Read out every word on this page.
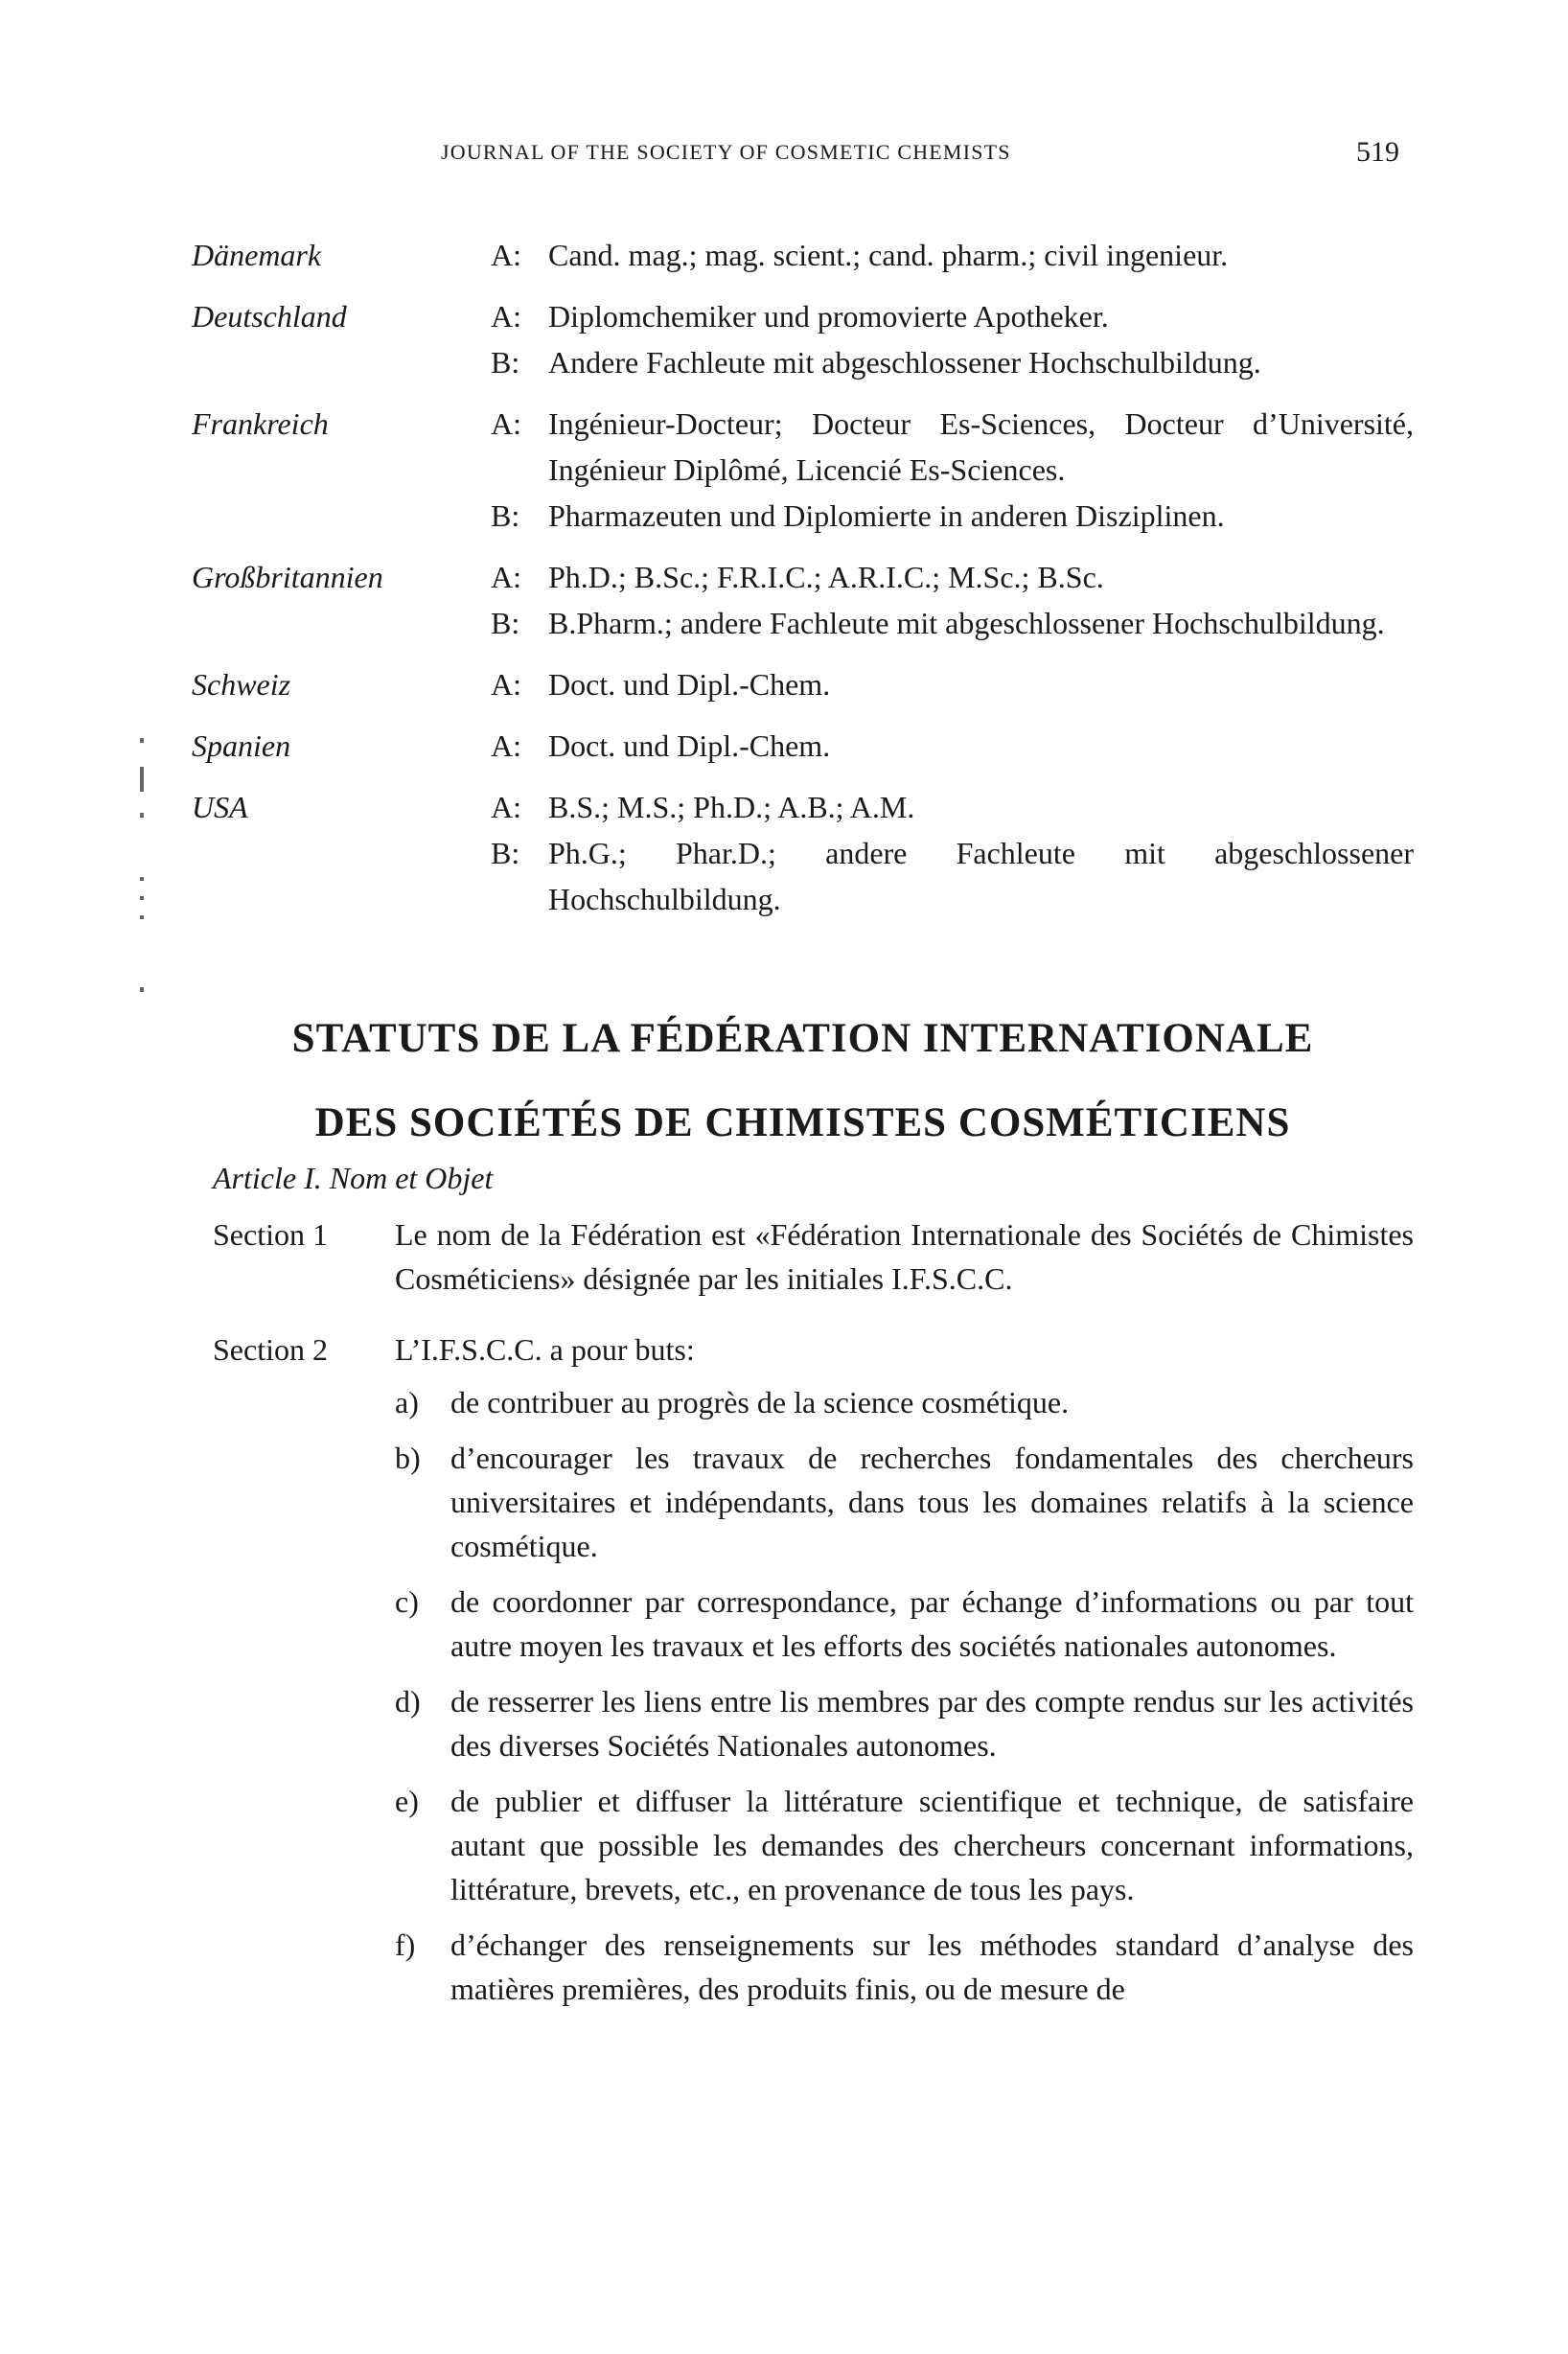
JOURNAL OF THE SOCIETY OF COSMETIC CHEMISTS	519
Dänemark	A: Cand. mag.; mag. scient.; cand. pharm.; civil ingenieur.
Deutschland	A: Diplomchemiker und promovierte Apotheker.
B: Andere Fachleute mit abgeschlossener Hochschulbildung.
Frankreich	A: Ingénieur-Docteur; Docteur Es-Sciences, Docteur d’Université, Ingénieur Diplômé, Licencié Es-Sciences.
B: Pharmazeuten und Diplomierte in anderen Disziplinen.
Großbritannien	A: Ph.D.; B.Sc.; F.R.I.C.; A.R.I.C.; M.Sc.; B.Sc.
B: B.Pharm.; andere Fachleute mit abgeschlossener Hochschulbildung.
Schweiz	A: Doct. und Dipl.-Chem.
Spanien	A: Doct. und Dipl.-Chem.
USA	A: B.S.; M.S.; Ph.D.; A.B.; A.M.
B: Ph.G.; Phar.D.; andere Fachleute mit abgeschlossener Hochschulbildung.
STATUTS DE LA FÉDÉRATION INTERNATIONALE
DES SOCIÉTÉS DE CHIMISTES COSMÉTICIENS
Article I. Nom et Objet
Section 1	Le nom de la Fédération est «Fédération Internationale des Sociétés de Chimistes Cosméticiens» désignée par les initiales I.F.S.C.C.
Section 2	L’I.F.S.C.C. a pour buts:
a)	de contribuer au progrès de la science cosmétique.
b) d’encourager les travaux de recherches fondamentales des chercheurs universitaires et indépendants, dans tous les domaines relatifs à la science cosmétique.
c)	de coordonner par correspondance, par échange d’informations ou par tout autre moyen les travaux et les efforts des sociétés nationales autonomes.
d) de resserrer les liens entre lis membres par des compte rendus sur les activités des diverses Sociétés Nationales autonomes.
e)	de publier et diffuser la littérature scientifique et technique, de satisfaire autant que possible les demandes des chercheurs concernant informations, littérature, brevets, etc., en provenance de tous les pays.
f)	d’échanger des renseignements sur les méthodes standard d’analyse des matières premières, des produits finis, ou de mesure de
